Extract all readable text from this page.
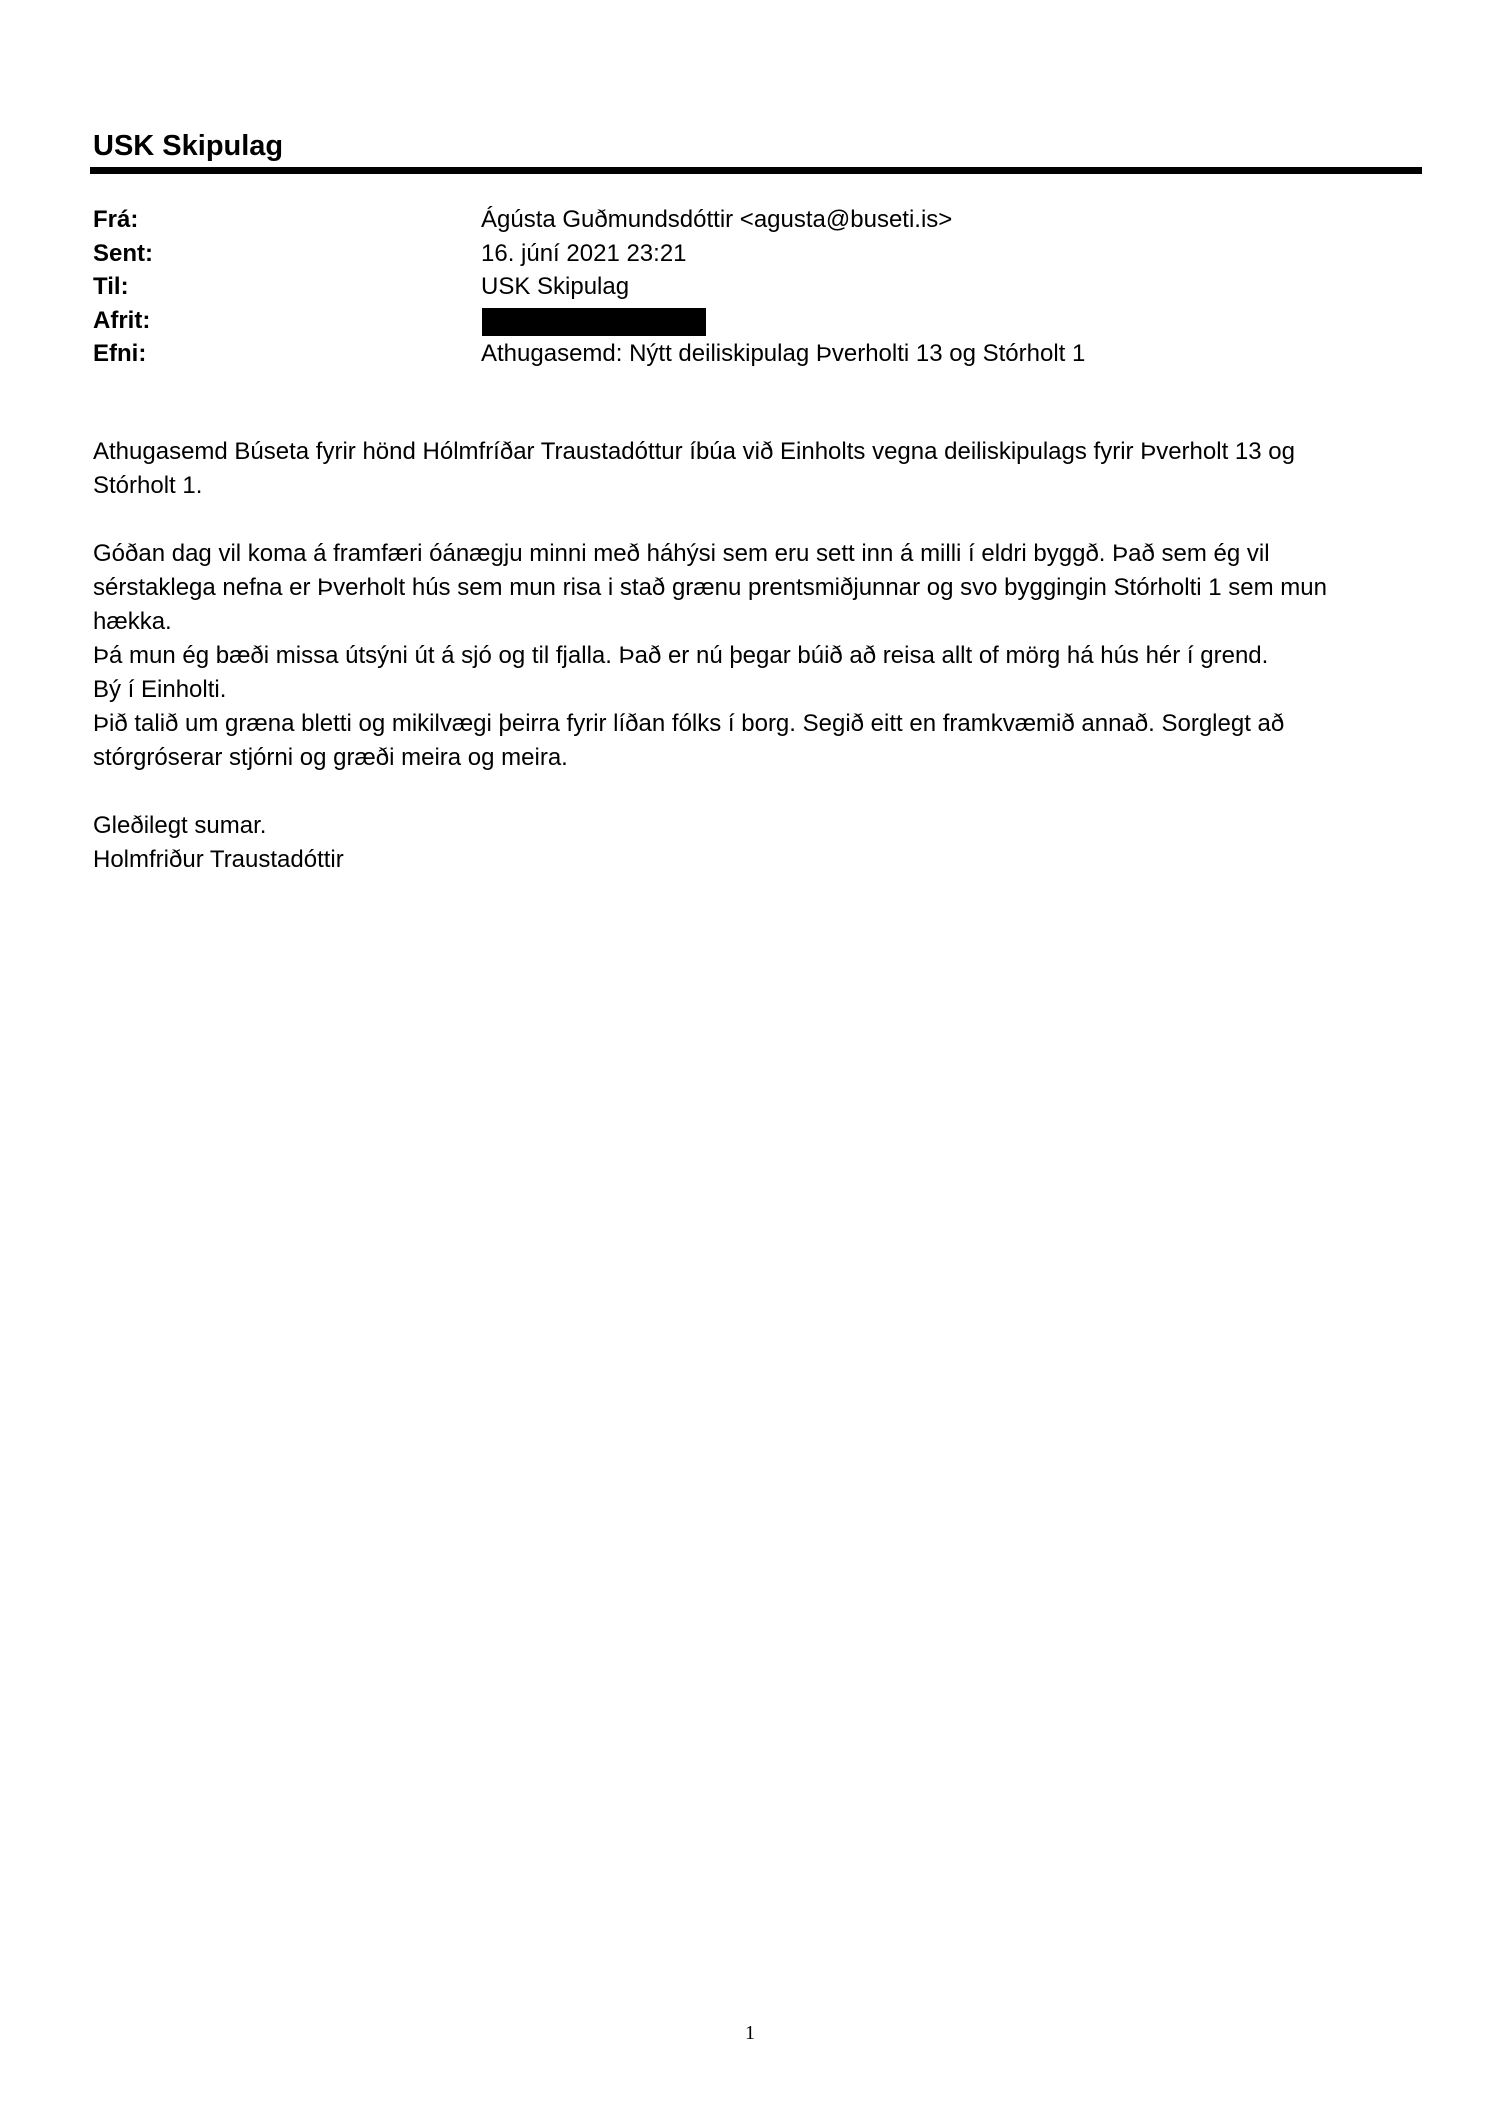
USK Skipulag
Frá:	Ágústa Guðmundsdóttir <agusta@buseti.is>
Sent:	16. júní 2021 23:21
Til:	USK Skipulag
Afrit:
Efni:	Athugasemd: Nýtt deiliskipulag Þverholti 13 og Stórholt 1
Athugasemd Búseta fyrir hönd Hólmfríðar Traustadóttur íbúa við Einholts vegna deiliskipulags fyrir Þverholt 13 og
Stórholt 1.
Góðan dag vil koma á framfæri óánægju minni með háhýsi sem eru sett inn á milli í eldri byggð. Það sem ég vil
sérstaklega nefna er Þverholt hús sem mun risa i stað grænu prentsmiðjunnar og svo byggingin Stórholti 1 sem mun
hækka.
Þá mun ég bæði missa útsýni út á sjó og til fjalla. Það er nú þegar búið að reisa allt of mörg há hús hér í grend.
Bý í Einholti.
Þið talið um græna bletti og mikilvægi þeirra fyrir líðan fólks í borg. Segið eitt en framkvæmið annað. Sorglegt að
stórgróserar stjórni og græði meira og meira.
Gleðilegt sumar.
Holmfriður Traustadóttir
1
